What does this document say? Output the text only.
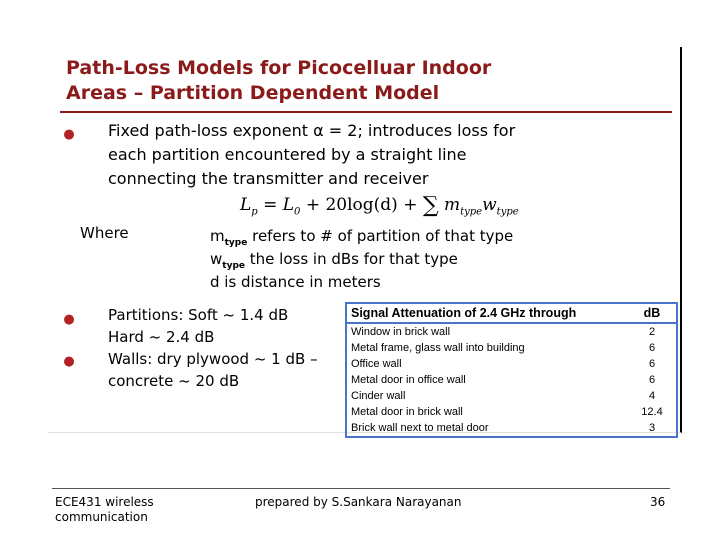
Path-Loss Models for Picocelluar Indoor
Areas – Partition Dependent Model
● Fixed path-loss exponent α = 2; introduces loss for
each partition encountered by a straight line
connecting the transmitter and receiver
$L_p = L_0 + 20\log(d)$ + ∑ $m_{type}w_{type}$
Where	$m_{type}$ refers to # of partition of that type
$w_{type}$ the loss in dBs for that type
d is distance in meters
● Partitions: Soft ~ 1.4 dB
Hard ~ 2.4 dB
● Walls: dry plywood ~ 1 dB –
concrete ~ 20 dB
Signal Attenuation of 2.4 GHz through	dB
Window in brick wall	2
Metal frame, glass wall into building	6
Office wall	6
Metal door in office wall	6
Cinder wall	4
Metal door in brick wall	12.4
Brick wall next to metal door	3
ECE431 wireless
communication
prepared by S.Sankara Narayanan	36
